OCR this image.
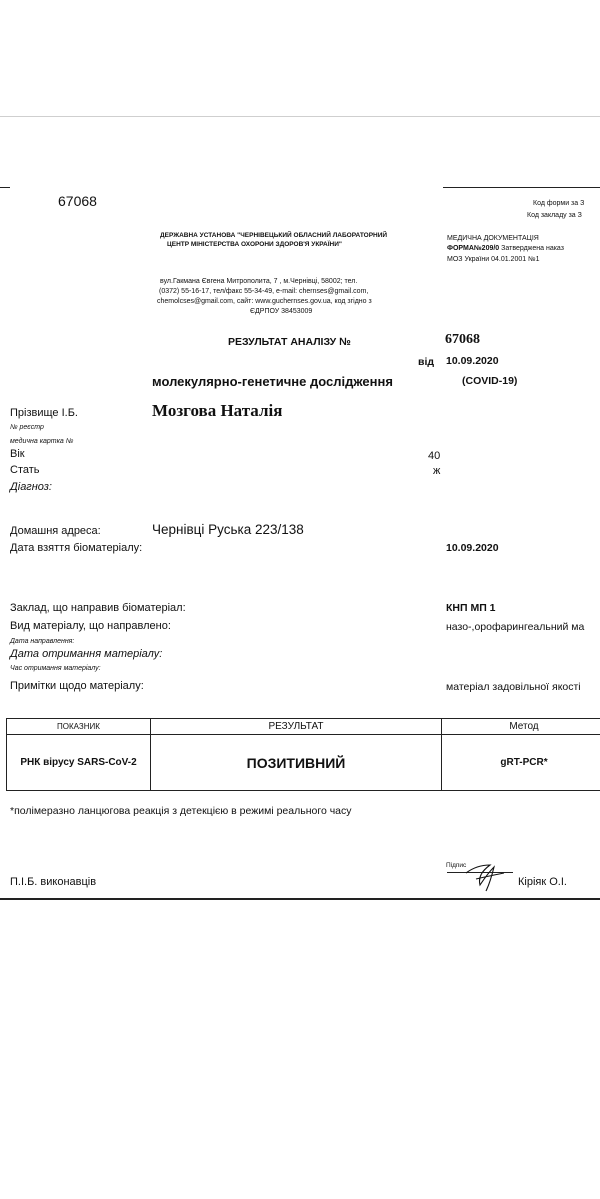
67068	Код форми за З
Код закладу за З
ДЕРЖАВНА УСТАНОВА "ЧЕРНІВЕЦЬКИЙ ОБЛАСНИЙ ЛАБОРАТОРНИЙ
ЦЕНТР МІНІСТЕРСТВА ОХОРОНИ ЗДОРОВ'Я УКРАЇНИ"
МЕДИЧНА ДОКУМЕНТАЦІЯ
ФОРМА№209/0 Затверджена наказ
МОЗ України 04.01.2001 №1
вул.Гакмана Євгена Митрополита, 7 , м.Чернівці, 58002; тел.
(0372) 55-16-17, тел/факс 55-34-49, e-mail: chernses@gmail.com,
chemolcses@gmail.com, сайт: www.guchernses.gov.ua, код згідно з
ЄДРПОУ 38453009
РЕЗУЛЬТАТ АНАЛІЗУ №	67068
від 10.09.2020
молекулярно-генетичне дослідження	(COVID-19)
Прізвище І.Б.	Мозгова Наталія
№ реєстр
медична картка №
Вік	40
Стать	ж
Діагноз:
Домашня адреса:	Чернівці Руська 223/138
Дата взяття біоматеріалу:	10.09.2020
Заклад, що направив біоматеріал:	КНП МП 1
Вид матеріалу, що направлено:	назо-,орофарингеальний ма
Дата направлення:
Дата отримання матеріалу:
Час отримання матеріалу:
Примітки щодо матеріалу:	матеріал задовільної якості
ПОКАЗНИК	РЕЗУЛЬТАТ	Метод
РНК вірусу SARS-CoV-2	ПОЗИТИВНИЙ	gRT-PCR*
*полімеразно ланцюгова реакція з детекцією в режимі реального часу
П.І.Б. виконавців
Підпис
Кіріяк О.І.
